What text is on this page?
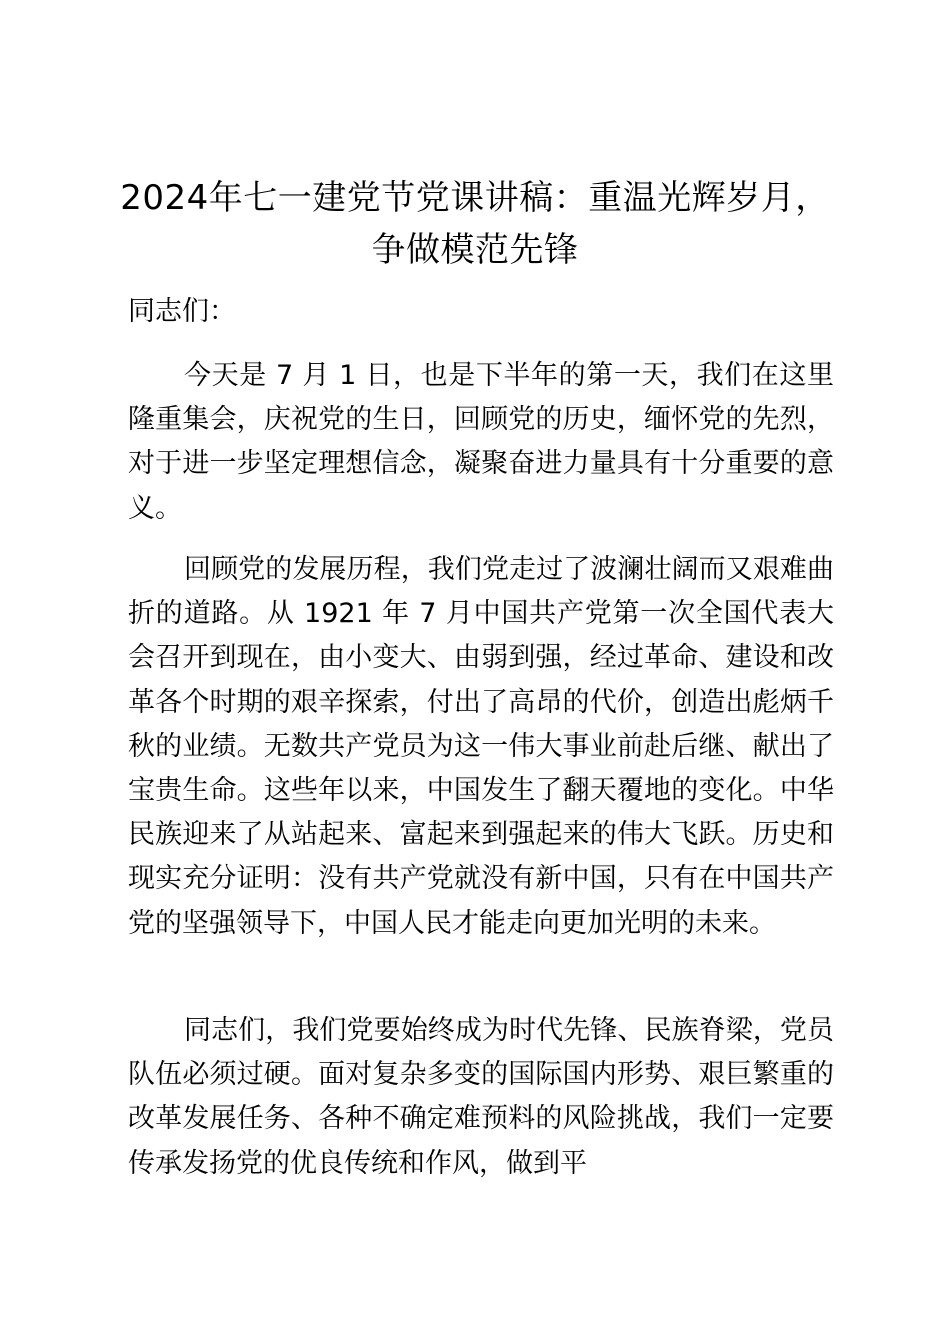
2024年七一建党节党课讲稿：重温光辉岁月，争做模范先锋
同志们：

今天是 7 月 1 日，也是下半年的第一天，我们在这里隆重集会，庆祝党的生日，回顾党的历史，缅怀党的先烈，对于进一步坚定理想信念，凝聚奋进力量具有十分重要的意义。

回顾党的发展历程，我们党走过了波澜壮阔而又艰难曲折的道路。从 1921 年 7 月中国共产党第一次全国代表大会召开到现在，由小变大、由弱到强，经过革命、建设和改革各个时期的艰辛探索，付出了高昂的代价，创造出彪炳千秋的业绩。无数共产党员为这一伟大事业前赴后继、献出了宝贵生命。这些年以来，中国发生了翻天覆地的变化。中华民族迎来了从站起来、富起来到强起来的伟大飞跃。历史和现实充分证明：没有共产党就没有新中国，只有在中国共产党的坚强领导下，中国人民才能走向更加光明的未来。

同志们，我们党要始终成为时代先锋、民族脊梁，党员队伍必须过硬。面对复杂多变的国际国内形势、艰巨繁重的改革发展任务、各种不确定难预料的风险挑战，我们一定要传承发扬党的优良传统和作风，做到平
